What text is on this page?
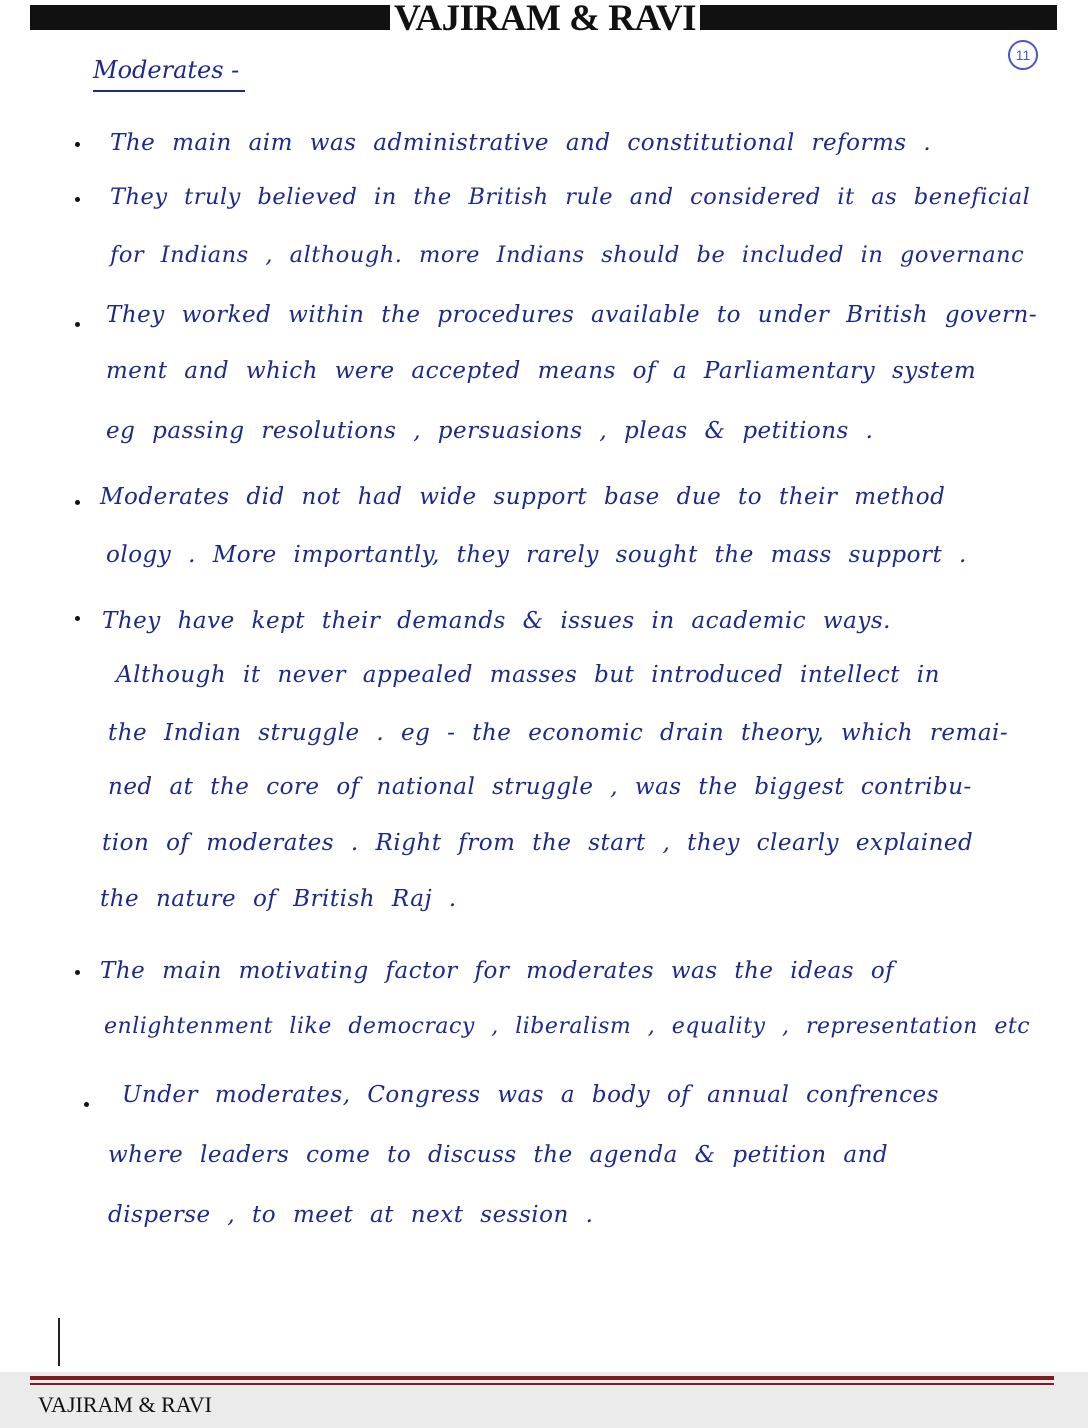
VAJIRAM & RAVI
11
Moderates -
The main aim was administrative and constitutional reforms .
They truly believed in the British rule and considered it as beneficial
for Indians , although. more Indians should be included in governanc
They worked within the procedures available to under British govern-
ment and which were accepted means of a Parliamentary system
eg passing resolutions , persuasions , pleas & petitions .
Moderates did not had wide support base due to their method
ology . More importantly, they rarely sought the mass support .
They have kept their demands & issues in academic ways.
Although it never appealed masses but introduced intellect in
the Indian struggle . eg - the economic drain theory, which remai-
ned at the core of national struggle , was the biggest contribu-
tion of moderates . Right from the start , they clearly explained
the nature of British Raj .
The main motivating factor for moderates was the ideas of
enlightenment like democracy , liberalism , equality , representation etc
Under moderates, Congress was a body of annual confrences
where leaders come to discuss the agenda & petition and
disperse , to meet at next session .
VAJIRAM & RAVI
